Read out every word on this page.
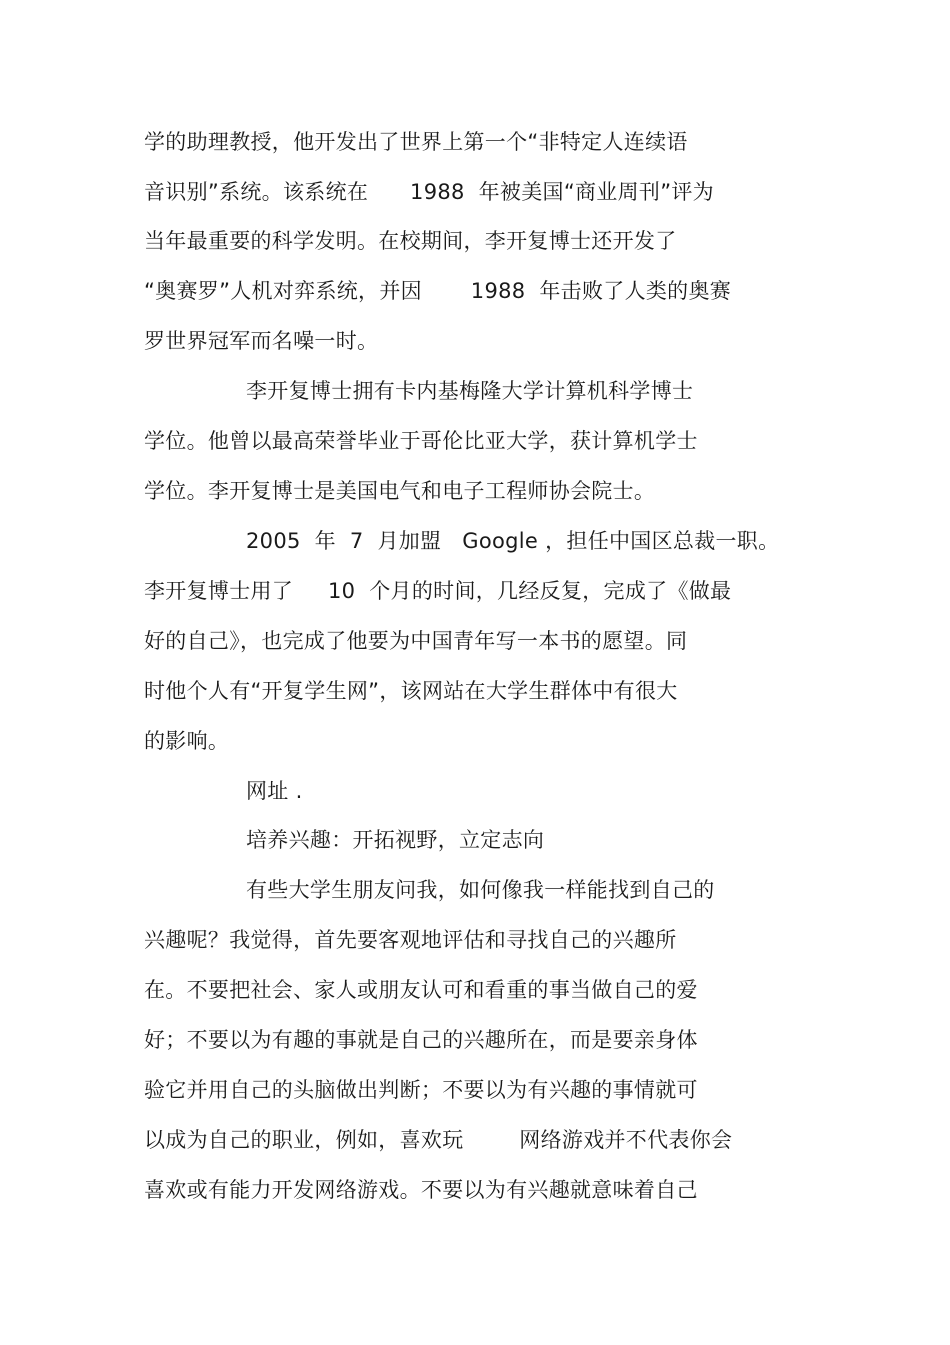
学的助理教授，他开发出了世界上第一个“非特定人连续语
音识别”系统。该系统在      1988  年被美国“商业周刊”评为
当年最重要的科学发明。在校期间，李开复博士还开发了
“奥赛罗”人机对弈系统，并因       1988  年击败了人类的奥赛
罗世界冠军而名噪一时。
李开复博士拥有卡内基梅隆大学计算机科学博士
学位。他曾以最高荣誉毕业于哥伦比亚大学，获计算机学士
学位。李开复博士是美国电气和电子工程师协会院士。
2005  年  7  月加盟   Google ，担任中国区总裁一职。
李开复博士用了     10  个月的时间，几经反复，完成了《做最
好的自己》，也完成了他要为中国青年写一本书的愿望。同
时他个人有“开复学生网”，该网站在大学生群体中有很大
的影响。
网址 .
培养兴趣：开拓视野，立定志向
有些大学生朋友问我，如何像我一样能找到自己的
兴趣呢？我觉得，首先要客观地评估和寻找自己的兴趣所
在。不要把社会、家人或朋友认可和看重的事当做自己的爱
好；不要以为有趣的事就是自己的兴趣所在，而是要亲身体
验它并用自己的头脑做出判断；不要以为有兴趣的事情就可
以成为自己的职业，例如，喜欢玩        网络游戏并不代表你会
喜欢或有能力开发网络游戏。不要以为有兴趣就意味着自己
